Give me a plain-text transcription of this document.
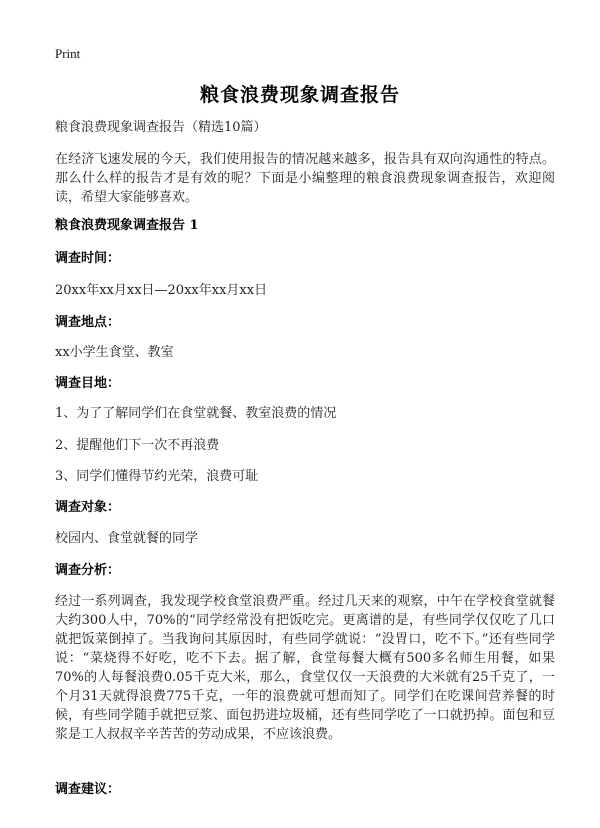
Print
粮食浪费现象调查报告
粮食浪费现象调查报告（精选10篇）
在经济飞速发展的今天，我们使用报告的情况越来越多，报告具有双向沟通性的特点。那么什么样的报告才是有效的呢？下面是小编整理的粮食浪费现象调查报告，欢迎阅读，希望大家能够喜欢。
粮食浪费现象调查报告 1
调查时间：
20xx年xx月xx日—20xx年xx月xx日
调查地点：
xx小学生食堂、教室
调查目地：
1、为了了解同学们在食堂就餐、教室浪费的情况
2、提醒他们下一次不再浪费
3、同学们懂得节约光荣，浪费可耻
调查对象：
校园内、食堂就餐的同学
调查分析：
经过一系列调查，我发现学校食堂浪费严重。经过几天来的观察，中午在学校食堂就餐大约300人中，70%的“同学经常没有把饭吃完。更离谱的是，有些同学仅仅吃了几口就把饭菜倒掉了。当我询问其原因时，有些同学就说：“没胃口，吃不下。”还有些同学说：“菜烧得不好吃，吃不下去。据了解，食堂每餐大概有500多名师生用餐，如果70%的人每餐浪费0.05千克大米，那么，食堂仅仅一天浪费的大米就有25千克了，一个月31天就得浪费775千克，一年的浪费就可想而知了。同学们在吃课间营养餐的时候，有些同学随手就把豆浆、面包扔进垃圾桶，还有些同学吃了一口就扔掉。面包和豆浆是工人叔叔辛辛苦苦的劳动成果，不应该浪费。
调查建议：
